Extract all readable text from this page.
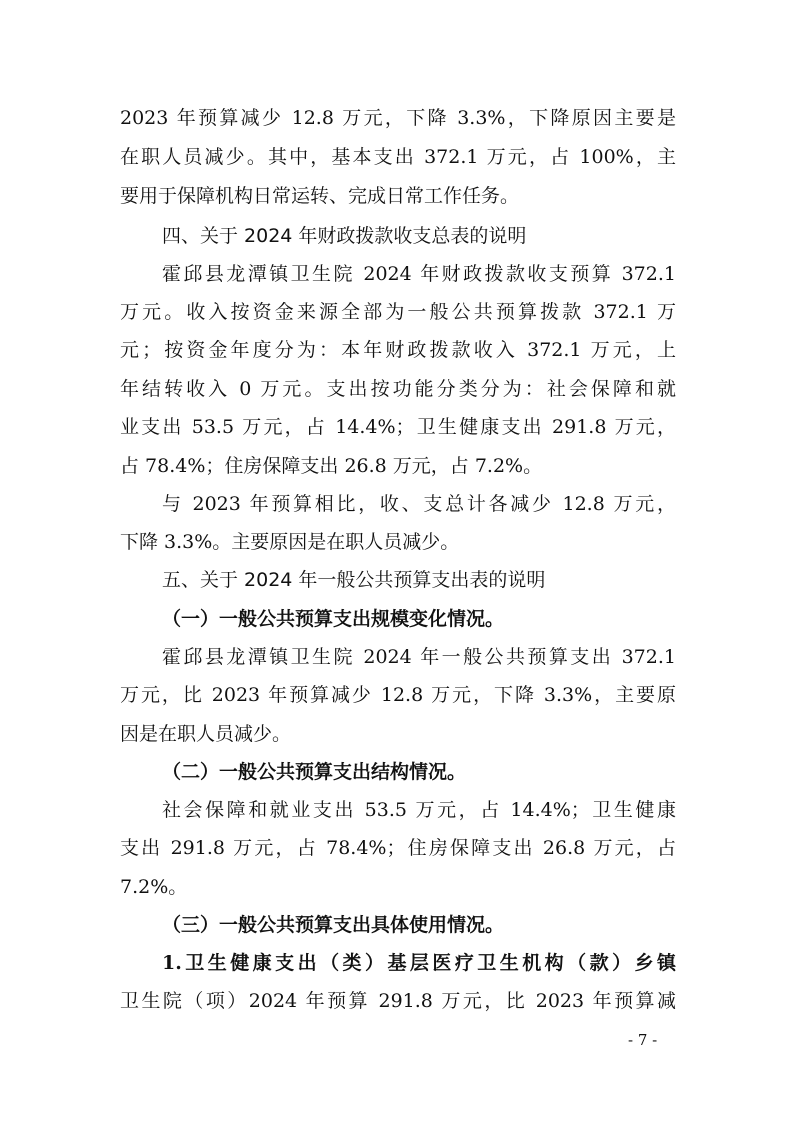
2023 年预算减少 12.8 万元，下降 3.3%，下降原因主要是
在职人员减少。其中，基本支出 372.1 万元，占 100%，主
要用于保障机构日常运转、完成日常工作任务。
四、关于 2024 年财政拨款收支总表的说明
霍邱县龙潭镇卫生院 2024 年财政拨款收支预算 372.1
万元。收入按资金来源全部为一般公共预算拨款 372.1 万
元；按资金年度分为：本年财政拨款收入 372.1 万元，上
年结转收入 0 万元。支出按功能分类分为：社会保障和就
业支出 53.5 万元，占 14.4%；卫生健康支出 291.8 万元，
占 78.4%；住房保障支出 26.8 万元，占 7.2%。
与 2023 年预算相比，收、支总计各减少 12.8 万元，
下降 3.3%。主要原因是在职人员减少。
五、关于 2024 年一般公共预算支出表的说明
（一）一般公共预算支出规模变化情况。
霍邱县龙潭镇卫生院 2024 年一般公共预算支出 372.1
万元，比 2023 年预算减少 12.8 万元，下降 3.3%，主要原
因是在职人员减少。
（二）一般公共预算支出结构情况。
社会保障和就业支出 53.5 万元，占 14.4%；卫生健康
支出 291.8 万元，占 78.4%；住房保障支出 26.8 万元，占
7.2%。
（三）一般公共预算支出具体使用情况。
1.卫生健康支出（类）基层医疗卫生机构（款）乡镇
卫生院（项）2024 年预算 291.8 万元，比 2023 年预算减
- 7 -
